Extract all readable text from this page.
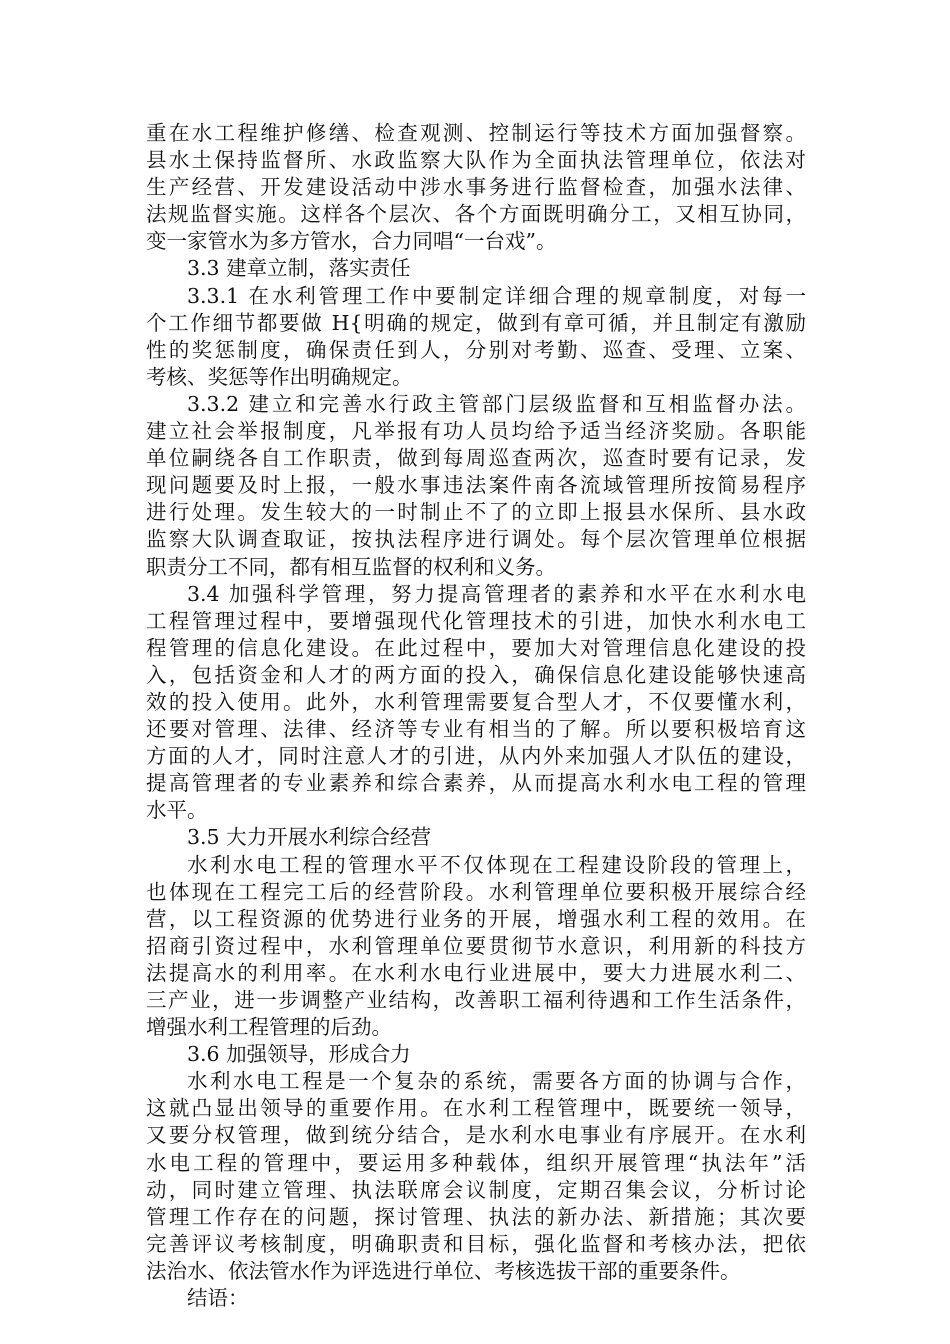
重在水工程维护修缮、检查观测、控制运行等技术方面加强督察。
县水土保持监督所、水政监察大队作为全面执法管理单位，依法对
生产经营、开发建设活动中涉水事务进行监督检查，加强水法律、
法规监督实施。这样各个层次、各个方面既明确分工，又相互协同，
变一家管水为多方管水，合力同唱“一台戏”。
3.3 建章立制，落实责任
3.3.1 在水利管理工作中要制定详细合理的规章制度，对每一
个工作细节都要做 H{明确的规定，做到有章可循，并且制定有激励
性的奖惩制度，确保责任到人，分别对考勤、巡查、受理、立案、
考核、奖惩等作出明确规定。
3.3.2 建立和完善水行政主管部门层级监督和互相监督办法。
建立社会举报制度，凡举报有功人员均给予适当经济奖励。各职能
单位嗣绕各自工作职责，做到每周巡查两次，巡查时要有记录，发
现问题要及时上报，一般水事违法案件南各流域管理所按简易程序
进行处理。发生较大的一时制止不了的立即上报县水保所、县水政
监察大队调查取证，按执法程序进行调处。每个层次管理单位根据
职责分工不同，都有相互监督的权利和义务。
3.4 加强科学管理，努力提高管理者的素养和水平在水利水电
工程管理过程中，要增强现代化管理技术的引进，加快水利水电工
程管理的信息化建设。在此过程中，要加大对管理信息化建设的投
入，包括资金和人才的两方面的投入，确保信息化建设能够快速高
效的投入使用。此外，水利管理需要复合型人才，不仅要懂水利，
还要对管理、法律、经济等专业有相当的了解。所以要积极培育这
方面的人才，同时注意人才的引进，从内外来加强人才队伍的建设，
提高管理者的专业素养和综合素养，从而提高水利水电工程的管理
水平。
3.5 大力开展水利综合经营
水利水电工程的管理水平不仅体现在工程建设阶段的管理上，
也体现在工程完工后的经营阶段。水利管理单位要积极开展综合经
营，以工程资源的优势进行业务的开展，增强水利工程的效用。在
招商引资过程中，水利管理单位要贯彻节水意识，利用新的科技方
法提高水的利用率。在水利水电行业进展中，要大力进展水利二、
三产业，进一步调整产业结构，改善职工福利待遇和工作生活条件，
增强水利工程管理的后劲。
3.6 加强领导，形成合力
水利水电工程是一个复杂的系统，需要各方面的协调与合作，
这就凸显出领导的重要作用。在水利工程管理中，既要统一领导，
又要分权管理，做到统分结合，是水利水电事业有序展开。在水利
水电工程的管理中，要运用多种载体，组织开展管理“执法年”活
动，同时建立管理、执法联席会议制度，定期召集会议，分析讨论
管理工作存在的问题，探讨管理、执法的新办法、新措施；其次要
完善评议考核制度，明确职责和目标，强化监督和考核办法，把依
法治水、依法管水作为评选进行单位、考核选拔干部的重要条件。
结语：
